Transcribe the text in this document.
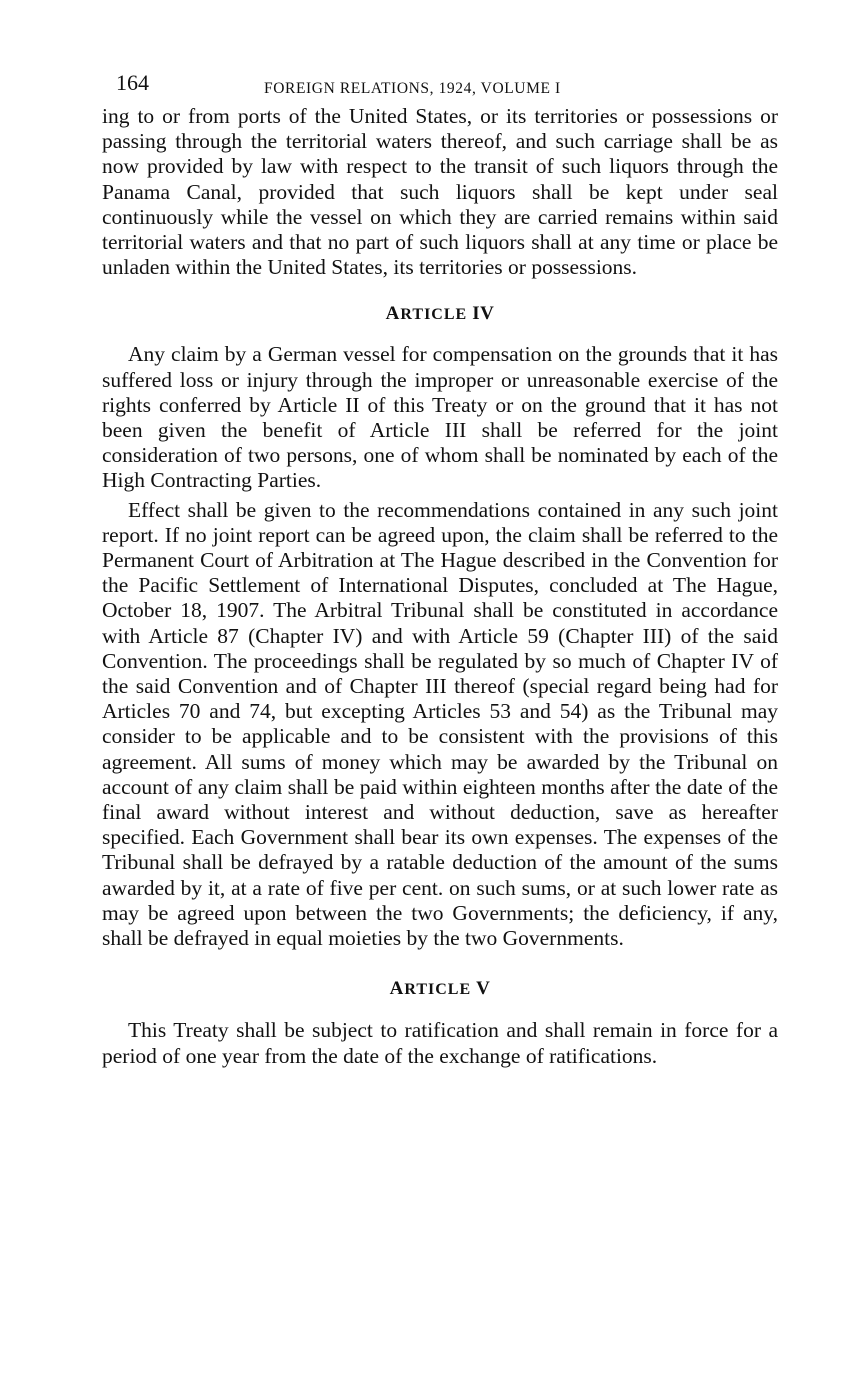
164	FOREIGN RELATIONS, 1924, VOLUME I

ing to or from ports of the United States, or its territories or possessions or passing through the territorial waters thereof, and such carriage shall be as now provided by law with respect to the transit of such liquors through the Panama Canal, provided that such liquors shall be kept under seal continuously while the vessel on which they are carried remains within said territorial waters and that no part of such liquors shall at any time or place be unladen within the United States, its territories or possessions.

ARTICLE IV

Any claim by a German vessel for compensation on the grounds that it has suffered loss or injury through the improper or unreasonable exercise of the rights conferred by Article II of this Treaty or on the ground that it has not been given the benefit of Article III shall be referred for the joint consideration of two persons, one of whom shall be nominated by each of the High Contracting Parties.

Effect shall be given to the recommendations contained in any such joint report. If no joint report can be agreed upon, the claim shall be referred to the Permanent Court of Arbitration at The Hague described in the Convention for the Pacific Settlement of International Disputes, concluded at The Hague, October 18, 1907. The Arbitral Tribunal shall be constituted in accordance with Article 87 (Chapter IV) and with Article 59 (Chapter III) of the said Convention. The proceedings shall be regulated by so much of Chapter IV of the said Convention and of Chapter III thereof (special regard being had for Articles 70 and 74, but excepting Articles 53 and 54) as the Tribunal may consider to be applicable and to be consistent with the provisions of this agreement. All sums of money which may be awarded by the Tribunal on account of any claim shall be paid within eighteen months after the date of the final award without interest and without deduction, save as hereafter specified. Each Government shall bear its own expenses. The expenses of the Tribunal shall be defrayed by a ratable deduction of the amount of the sums awarded by it, at a rate of five per cent. on such sums, or at such lower rate as may be agreed upon between the two Governments; the deficiency, if any, shall be defrayed in equal moieties by the two Governments.

ARTICLE V

This Treaty shall be subject to ratification and shall remain in force for a period of one year from the date of the exchange of ratifications.
